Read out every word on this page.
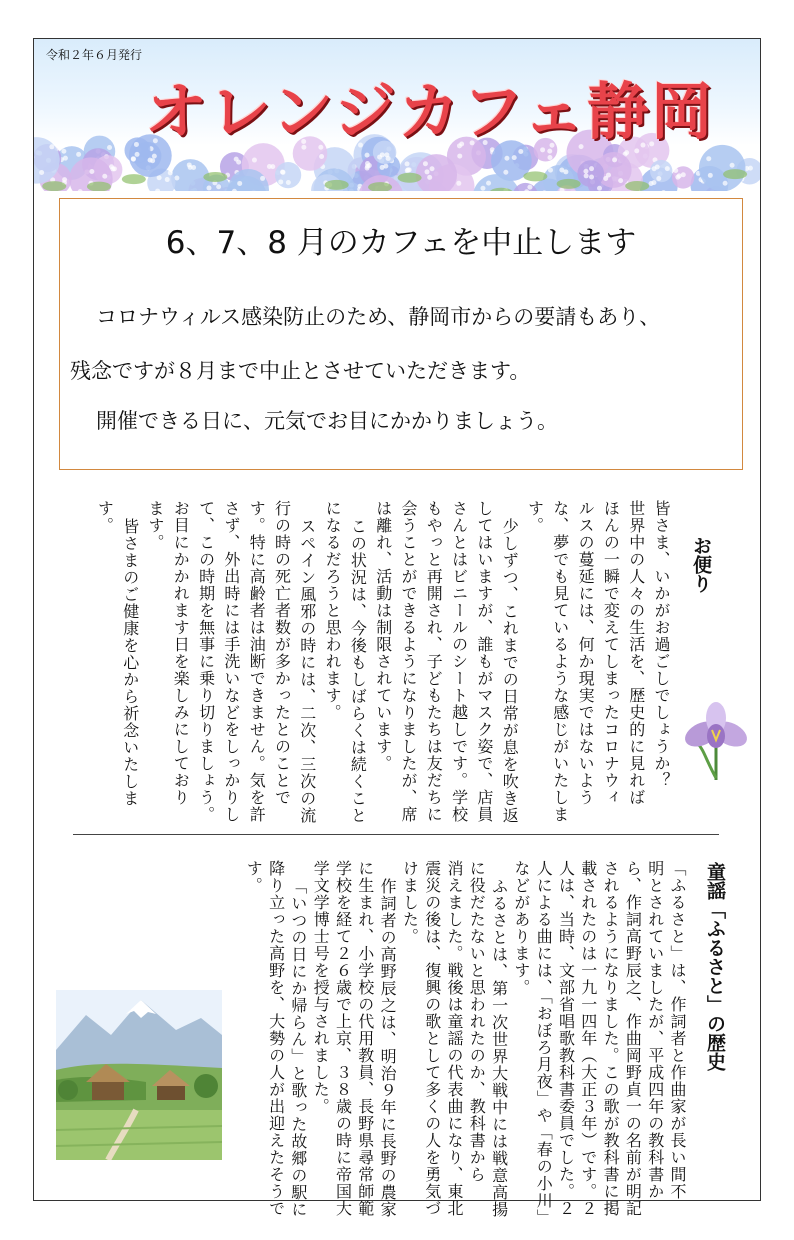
令和２年６月発行
オレンジカフェ静岡
6、7、8 月のカフェを中止します
コロナウィルス感染防止のため、静岡市からの要請もあり、
残念ですが８月まで中止とさせていただきます。
開催できる日に、元気でお目にかかりましょう。
お便り
皆さま、いかがお過ごしでしょうか？
世界中の人々の生活を、歴史的に見れば
ほんの一瞬で変えてしまったコロナウィ
ルスの蔓延には、何か現実ではないよう
な、夢でも見ているような感じがいたしま
す。
少しずつ、これまでの日常が息を吹き返
してはいますが、誰もがマスク姿で、店員
さんとはビニールのシート越しです。学校
もやっと再開され、子どもたちは友だちに
会うことができるようになりましたが、席
は離れ、活動は制限されています。
この状況は、今後もしばらくは続くこと
になるだろうと思われます。
スペイン風邪の時には、二次、三次の流
行の時の死亡者数が多かったとのことで
す。特に高齢者は油断できません。気を許
さず、外出時には手洗いなどをしっかりし
て、この時期を無事に乗り切りましょう。
お目にかかれます日を楽しみにしており
ます。
皆さまのご健康を心から祈念いたしま
す。
童謡「ふるさと」の歴史
「ふるさと」は、作詞者と作曲家が長い間不
明とされていましたが、平成四年の教科書か
ら、作詞高野辰之、作曲岡野貞一の名前が明記
されるようになりました。この歌が教科書に掲
載されたのは一九一四年（大正３年）です。２
人は、当時、文部省唱歌教科書委員でした。２
人による曲には、「おぼろ月夜」や「春の小川」
などがあります。
ふるさとは、第一次世界大戦中には戦意高揚
に役だたないと思われたのか、教科書から
消えました。戦後は童謡の代表曲になり、東北
震災の後は、復興の歌として多くの人を勇気づ
けました。
作詞者の高野辰之は、明治９年に長野の農家
に生まれ、小学校の代用教員、長野県尋常師範
学校を経て２６歳で上京、３８歳の時に帝国大
学文学博士号を授与されました。
「いつの日にか帰らん」と歌った故郷の駅に
降り立った高野を、大勢の人が出迎えたそうで
す。
